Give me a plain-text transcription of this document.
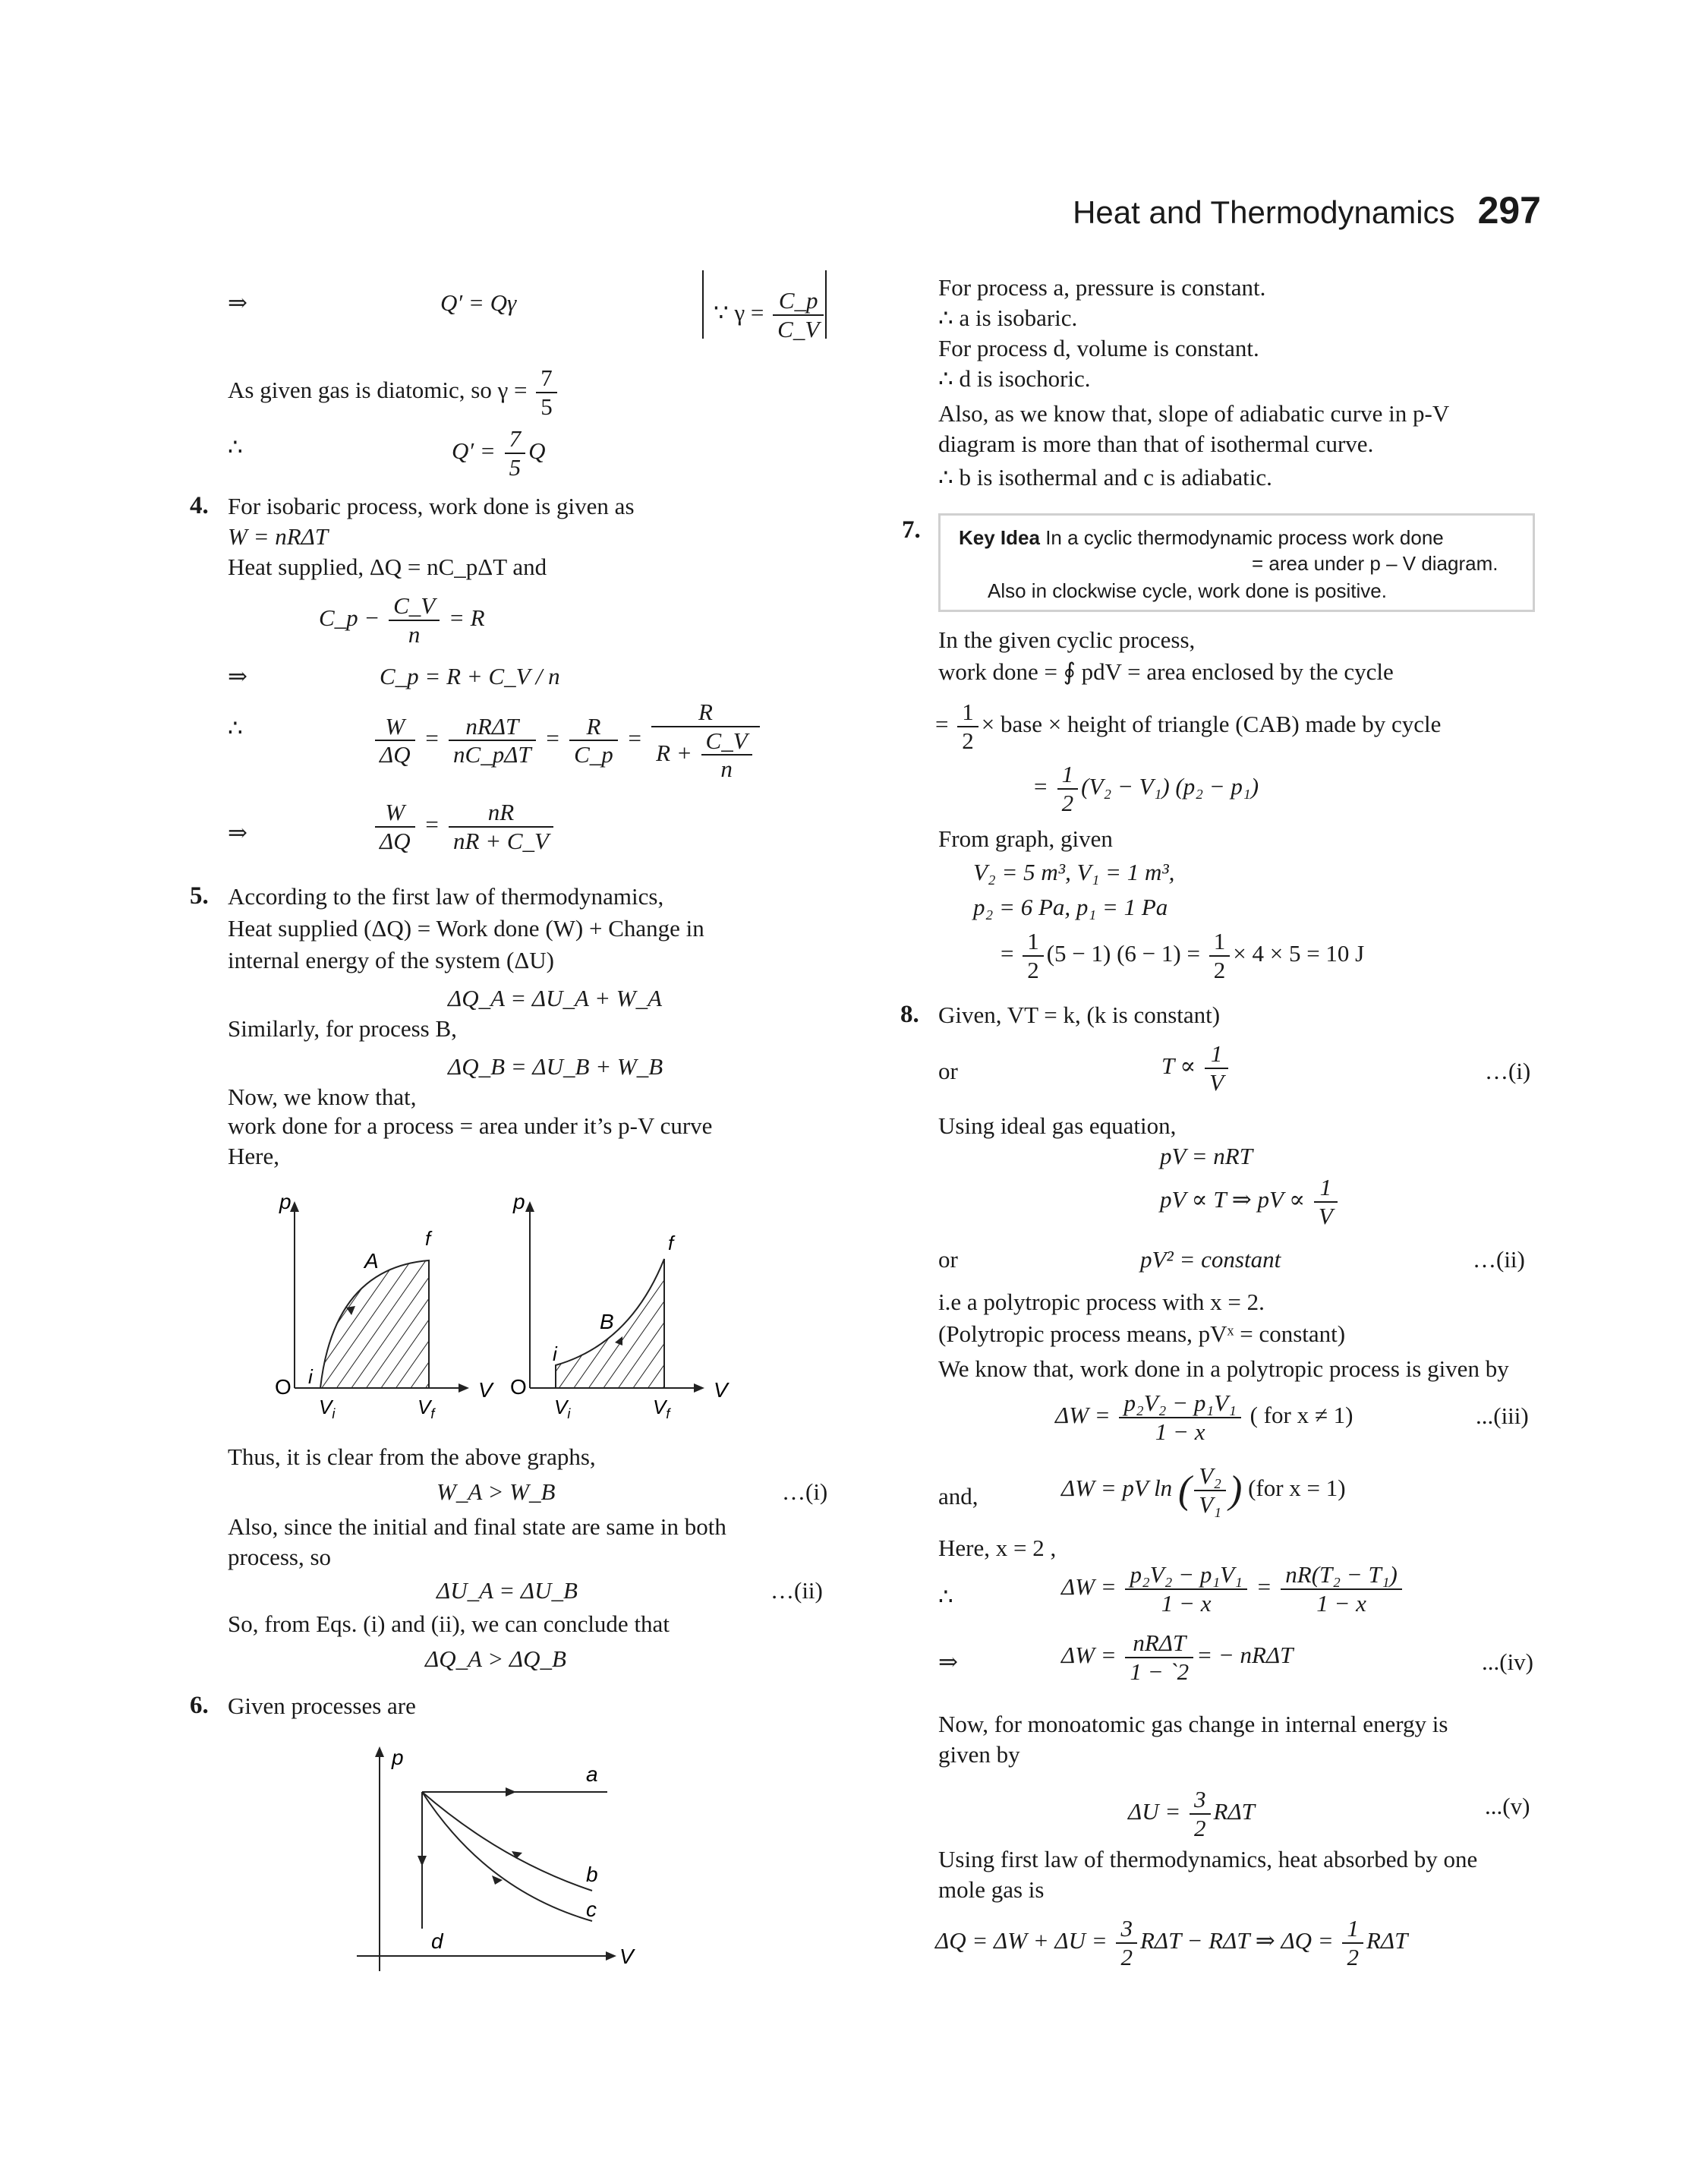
Heat and Thermodynamics 297
⇒	Q′ = Qγ	∵ $\gamma = \frac{C\_p}{C\_V}$
As given gas is diatomic, so $\gamma = \frac{7}{5}$
∴	$Q' = \frac{7}{5}$ Q
4. For isobaric process, work done is given as
W = nRΔT
Heat supplied, ΔQ = nC_pΔT and
C_p − $\frac{C\_V}{n} = R$
⇒	C_p = R + C_V / n
∴	$\frac{W}{\Delta Q} = \frac{\text{nRΔT}}{\text{nC\_pΔT}} = \frac{R}{C\_p} = \frac{R}{R + \frac{C\_V}{n}}$
⇒	$\frac{W}{\Delta Q} = \frac{nR}{nR + C\_V}$
5. According to the first law of thermodynamics,
Heat supplied (ΔQ) = Work done (W) + Change in
internal energy of the system (ΔU)
ΔQ_A = ΔU_A + W_A
Similarly, for process B,
ΔQ_B = ΔU_B + W_B
Now, we know that,
work done for a process = area under it’s p-V curve
Here,
p
V
O
A
f
i
$V_i$	$V_f$
p
V
O
B
f
i
$V_i$	$V_f$
Thus, it is clear from the above graphs,
W_A > W_B	…(i)
Also, since the initial and final state are same in both
process, so
ΔU_A = ΔU_B	…(ii)
So, from Eqs. (i) and (ii), we can conclude that
ΔQ_A > ΔQ_B
6. Given processes are
p
V
a
b
c
d
For process a, pressure is constant.
∴ a is isobaric.
For process d, volume is constant.
∴ d is isochoric.
Also, as we know that, slope of adiabatic curve in p-V
diagram is more than that of isothermal curve.
∴ b is isothermal and c is adiabatic.
7. Key Idea In a cyclic thermodynamic process work done
= area under p – V diagram.
Also in clockwise cycle, work done is positive.
In the given cyclic process,
work done = ∮ pdV = area enclosed by the cycle
= $\frac{1}{2}$ × base × height of triangle (CAB) made by cycle
= $\frac{1}{2} (V_2 - V_1) (p_2 - p_1)$
From graph, given
V₂ = 5 m³, V₁ = 1 m³,
p₂ = 6 Pa, p₁ = 1 Pa
= $\frac{1}{2} (5 - 1) (6 - 1) = \frac{1}{2} \times 4 \times 5 = 10$ J
8. Given, VT = k, (k is constant)
or	$T \propto \frac{1}{V}$	…(i)
Using ideal gas equation,
pV = nRT
pV ∝ T ⇒ pV ∝ $\frac{1}{V}$
or	pV² = constant	…(ii)
i.e a polytropic process with x = 2.
(Polytropic process means, pVˣ = constant)
We know that, work done in a polytropic process is given by
$\Delta W = \frac{\text{p₂V₂ − p₁V₁}}{1 - x}$ ( for x ≠ 1)	...(iii)
and,	ΔW = pV ln ( $\frac{\text{V₂}}{\text{V₁}}$ ) (for x = 1)
Here, x = 2 ,
∴	$\Delta W = \frac{\text{p₂V₂ − p₁V₁}}{1 - x} = \frac{\text{nR(T₂ − T₁)}}{1 - x}$
⇒	$\Delta W = \frac{\text{nRΔT}}{1 - `2}$ = − nRΔT	...(iv)
Now, for monoatomic gas change in internal energy is
given by
$\Delta U = \frac{3}{2}$ RΔT	...(v)
Using first law of thermodynamics, heat absorbed by one
mole gas is
$\Delta Q = \Delta W + \Delta U = \frac{3}{2}$ RΔT − RΔT ⇒ $\Delta Q = \frac{1}{2}$ RΔT
